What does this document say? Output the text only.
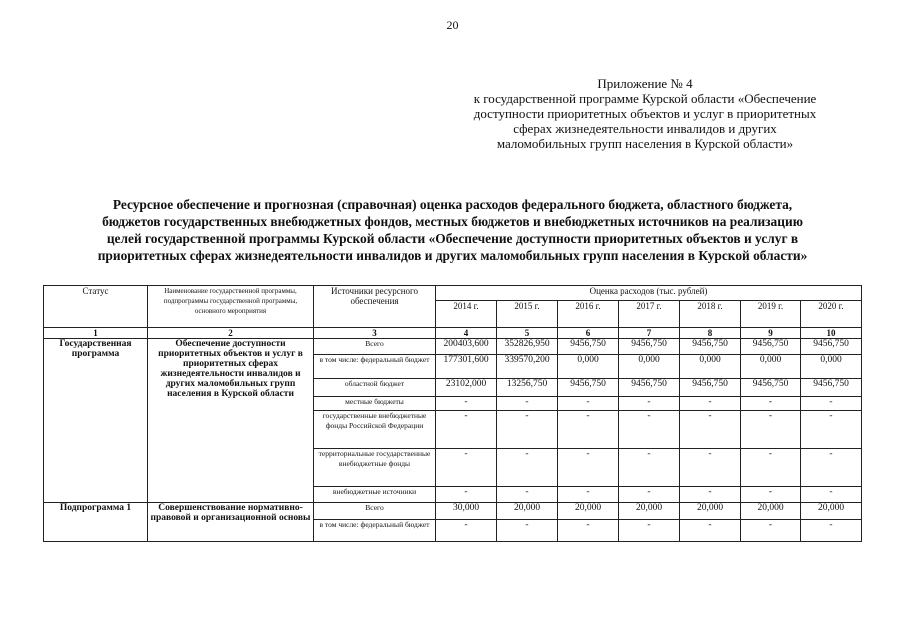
20
Приложение № 4
к государственной программе Курской области «Обеспечение
доступности приоритетных объектов и услуг в приоритетных
сферах жизнедеятельности инвалидов и других
маломобильных групп населения в Курской области»
Ресурсное обеспечение и прогнозная (справочная) оценка расходов федерального бюджета, областного бюджета,
бюджетов государственных внебюджетных фондов, местных бюджетов и внебюджетных источников на реализацию
целей государственной программы Курской области «Обеспечение доступности приоритетных объектов и услуг в
приоритетных сферах жизнедеятельности инвалидов и других маломобильных групп населения в Курской области»
Статус	Наименование государственной программы, подпрограммы государственной программы, основного мероприятия	Источники ресурсного обеспечения	Оценка расходов (тыс. рублей)						
			2014 г.	2015 г.	2016 г.	2017 г.	2018 г.	2019 г.	2020 г.
1	2	3	4	5	6	7	8	9	10
Государственная программа	Обеспечение доступности приоритетных объектов и услуг в приоритетных сферах жизнедеятельности инвалидов и других маломобильных групп населения в Курской области	Всего	200403,600	352826,950	9456,750	9456,750	9456,750	9456,750	9456,750
		в том числе: федеральный бюджет	177301,600	339570,200	0,000	0,000	0,000	0,000	0,000
		областной бюджет	23102,000	13256,750	9456,750	9456,750	9456,750	9456,750	9456,750
		местные бюджеты	-	-	-	-	-	-	-
		государственные внебюджетные фонды Российской Федерации	-	-	-	-	-	-	-
		территориальные государственные внебюджетные фонды	-	-	-	-	-	-	-
		внебюджетные источники	-	-	-	-	-	-	-
Подпрограмма 1	Совершенствование нормативно-правовой и организационной основы	Всего	30,000	20,000	20,000	20,000	20,000	20,000	20,000
		в том числе: федеральный бюджет	-	-	-	-	-	-	-
